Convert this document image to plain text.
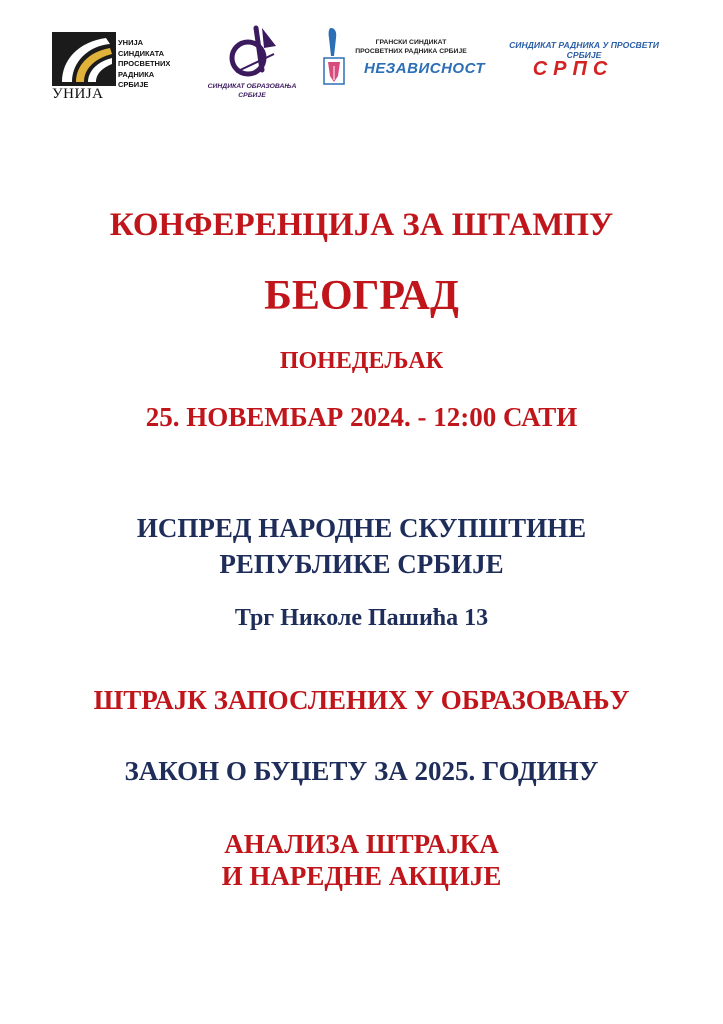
УНИЈА
УНИЈА
СИНДИКАТА
ПРОСВЕТНИХ
РАДНИКА
СРБИЈЕ	СИНДИКАТ ОБРАЗОВАЊА
СРБИЈЕ
ГРАНСКИ СИНДИКАТ
ПРОСВЕТНИХ РАДНИКА СРБИЈЕ
НЕЗАВИСНОСТ
СИНДИКАТ РАДНИКА У ПРОСВЕТИ
СРБИЈЕ
СРПС
КОНФЕРЕНЦИЈА ЗА ШТАМПУ
БЕОГРАД
ПОНЕДЕЉАК
25. НОВЕМБАР 2024. - 12:00 САТИ
ИСПРЕД НАРОДНЕ СКУПШТИНЕ
РЕПУБЛИКЕ СРБИЈЕ
Трг Николе Пашића 13
ШТРАЈК ЗАПОСЛЕНИХ У ОБРАЗОВАЊУ
ЗАКОН О БУЏЕТУ ЗА 2025. ГОДИНУ
АНАЛИЗА ШТРАЈКА
И НАРЕДНЕ АКЦИЈЕ
